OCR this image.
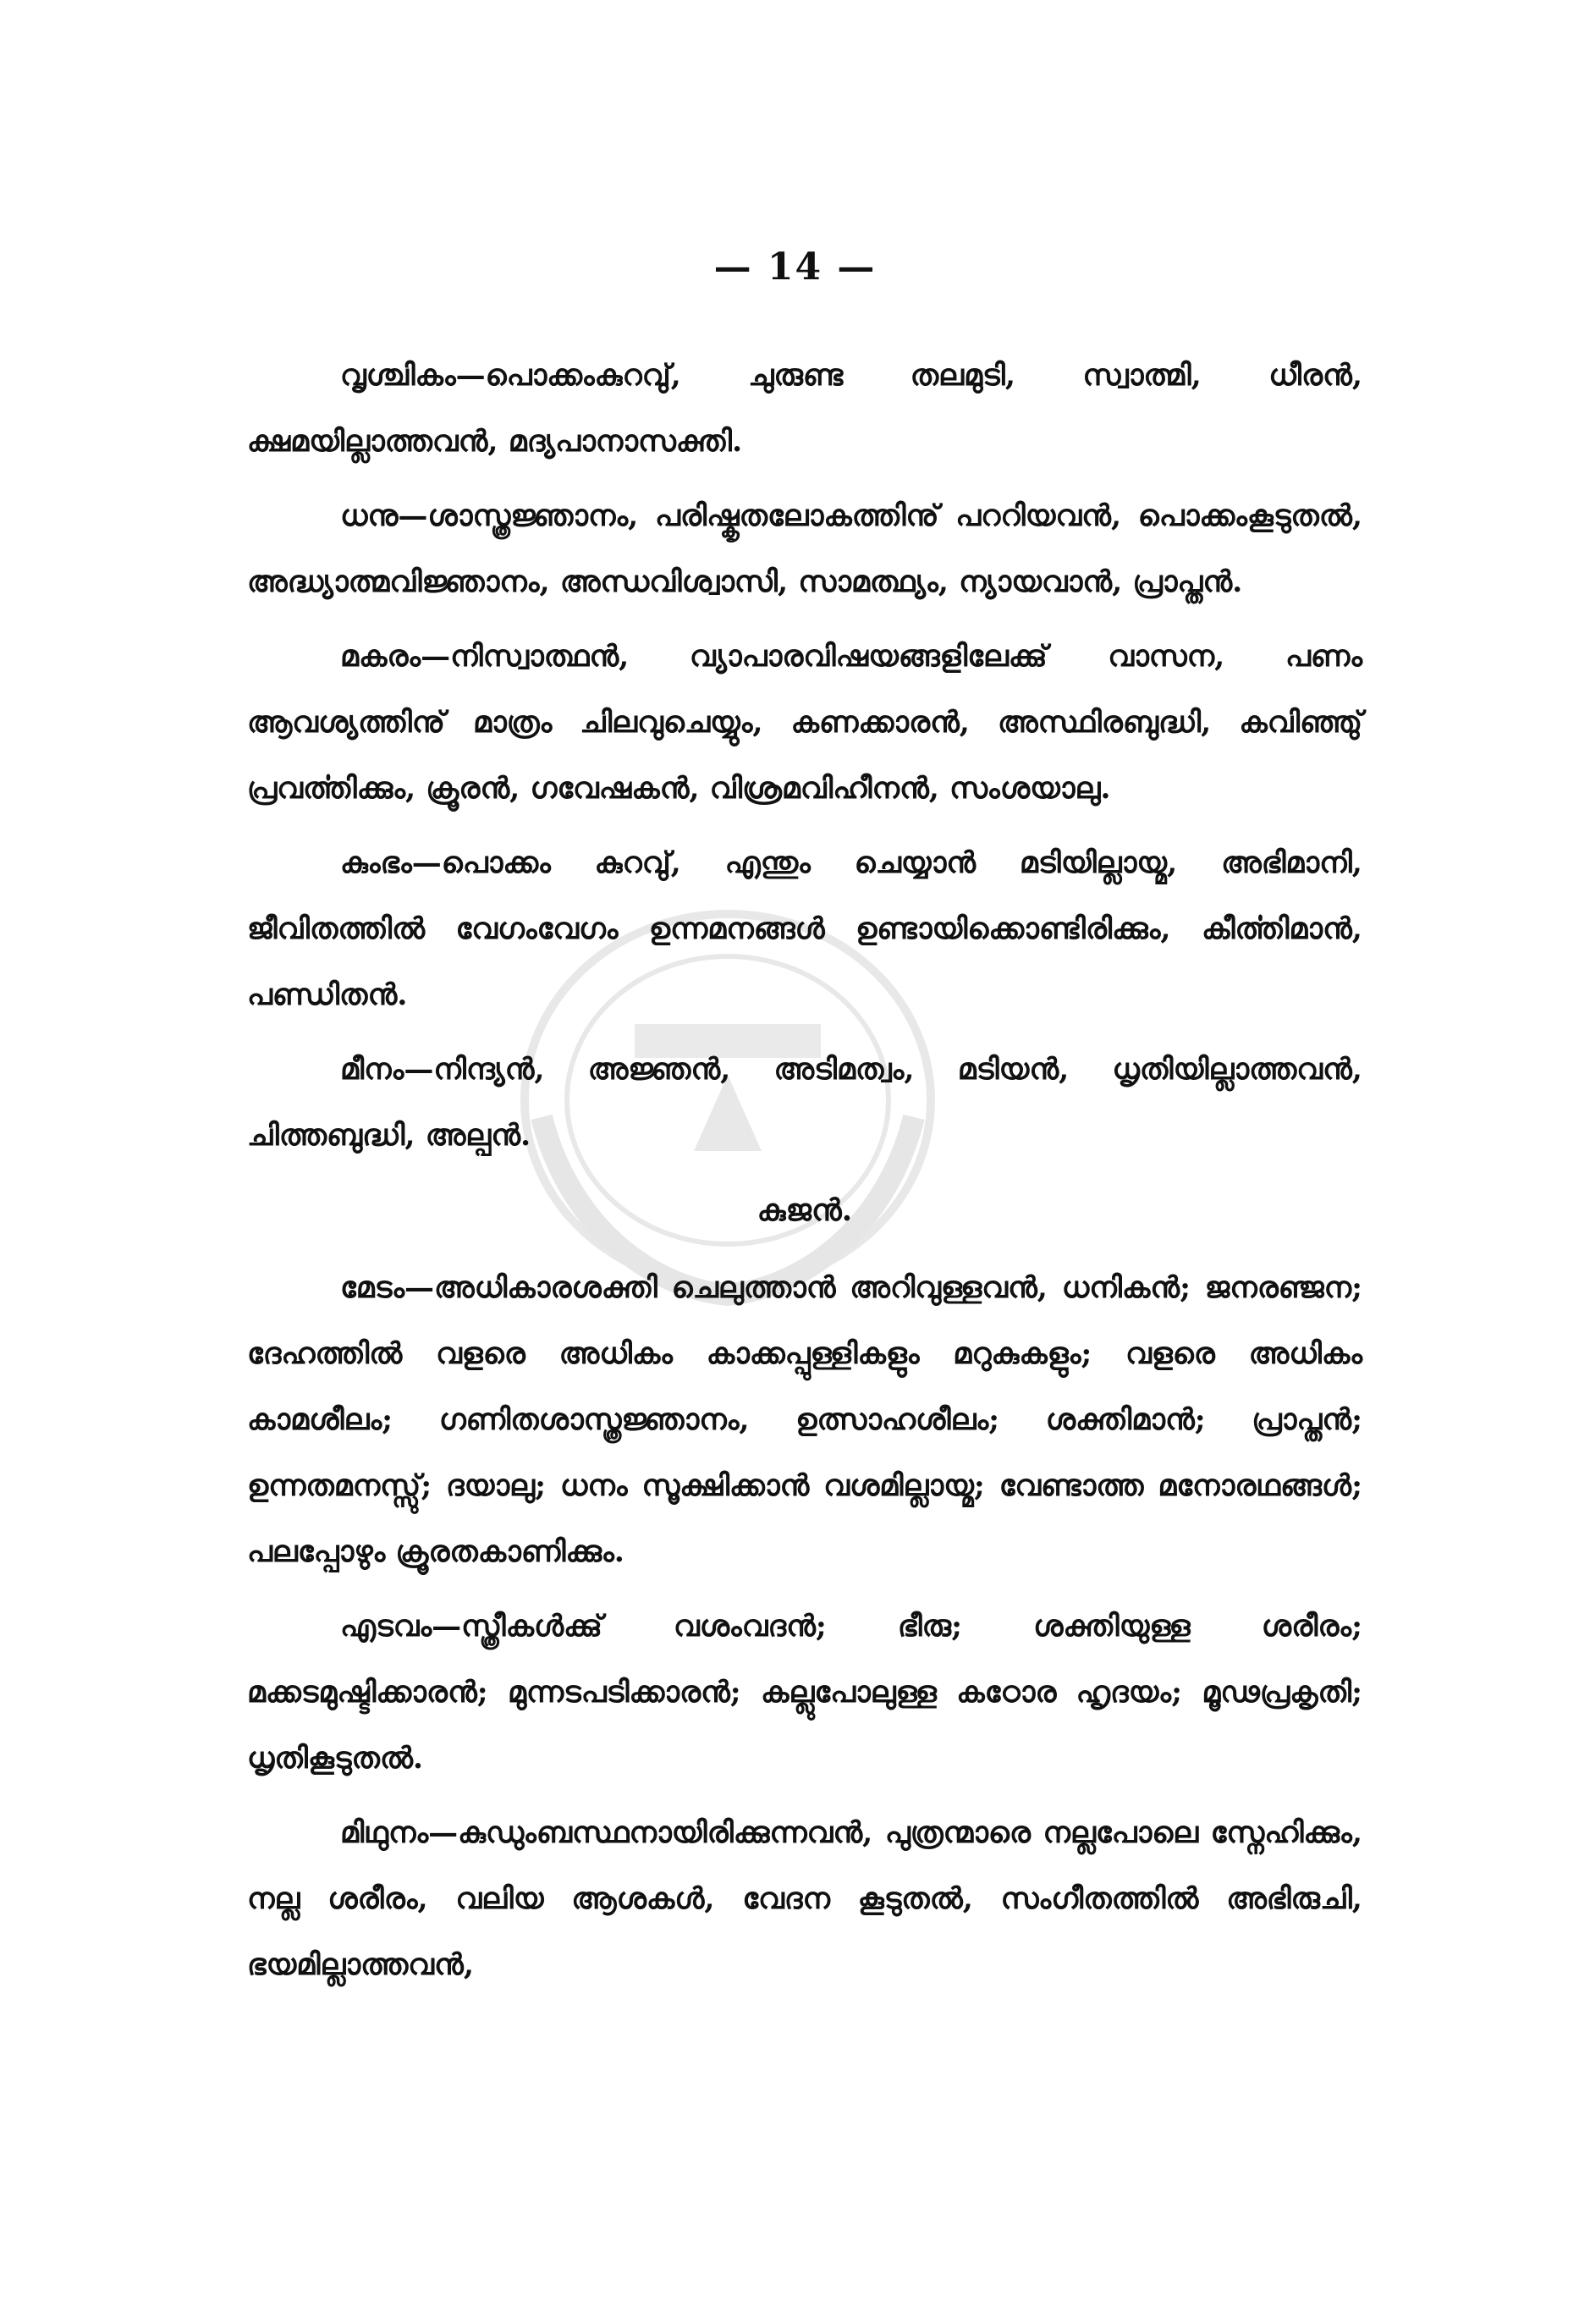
— 14 —

വൃശ്ചികം—പൊക്കംകുറവു്, ചുരുണ്ട തലമുടി, സ്വാത്മി, ധീരൻ, ക്ഷമയില്ലാത്തവൻ, മദ്യപാനാസക്തി.

ധനു—ശാസ്ത്രജ്ഞാനം, പരിഷ്കൃതലോകത്തിനു് പററിയവൻ, പൊക്കംകൂടുതൽ, അദ്ധ്യാത്മവിജ്ഞാനം, അന്ധവിശ്വാസി, സാമത്ഥ്യം, ന്യായവാൻ, പ്രാപ്തൻ.

മകരം—നിസ്വാത്ഥൻ, വ്യാപാരവിഷയങ്ങളിലേക്കു് വാസന, പണം ആവശ്യത്തിനു് മാത്രം ചിലവുചെയ്യും, കണക്കാരൻ, അസ്ഥിരബുദ്ധി, കവിഞ്ഞു് പ്രവൎത്തിക്കും, ക്രൂരൻ, ഗവേഷകൻ, വിശ്രമവിഹീനൻ, സംശയാലു.

കുംഭം—പൊക്കം കുറവു്, എന്തും ചെയ്യാൻ മടിയില്ലായ്മ, അഭിമാനി, ജീവിതത്തിൽ വേഗംവേഗം ഉന്നമനങ്ങൾ ഉണ്ടായിക്കൊണ്ടിരിക്കും, കീൎത്തിമാൻ, പണ്ഡിതൻ.

മീനം—നിന്ദ്യൻ, അജ്ഞൻ, അടിമത്വം, മടിയൻ, ധൃതിയില്ലാത്തവൻ, ചിത്തബുദ്ധി, അല്പൻ.

കുജൻ.

മേടം—അധികാരശക്തി ചെലുത്താൻ അറിവുള്ളവൻ, ധനികൻ; ജനരഞ്ജന; ദേഹത്തിൽ വളരെ അധികം കാക്കപ്പുള്ളികളും മറുകുകളും; വളരെ അധികം കാമശീലം; ഗണിതശാസ്ത്രജ്ഞാനം, ഉത്സാഹശീലം; ശക്തിമാൻ; പ്രാപ്തൻ; ഉന്നതമനസ്സു്; ദയാലു; ധനം സൂക്ഷിക്കാൻ വശമില്ലായ്മ; വേണ്ടാത്ത മനോരഥങ്ങൾ; പലപ്പോഴും ക്രൂരതകാണിക്കും.

എടവം—സ്ത്രീകൾക്കു് വശംവദൻ; ഭീരു; ശക്തിയുള്ള ശരീരം; മക്കടമുഷ്ടിക്കാരൻ; മുന്നടപടിക്കാരൻ; കല്ലുപോലുള്ള കഠോര ഹൃദയം; മൂഢപ്രകൃതി; ധൃതികൂടുതൽ.

മിഥുനം—കുഡുംബസ്ഥനായിരിക്കുന്നവൻ, പുത്രന്മാരെ നല്ലപോലെ സ്നേഹിക്കും, നല്ല ശരീരം, വലിയ ആശകൾ, വേദന കൂടുതൽ, സംഗീതത്തിൽ അഭിരുചി, ഭയമില്ലാത്തവൻ,
